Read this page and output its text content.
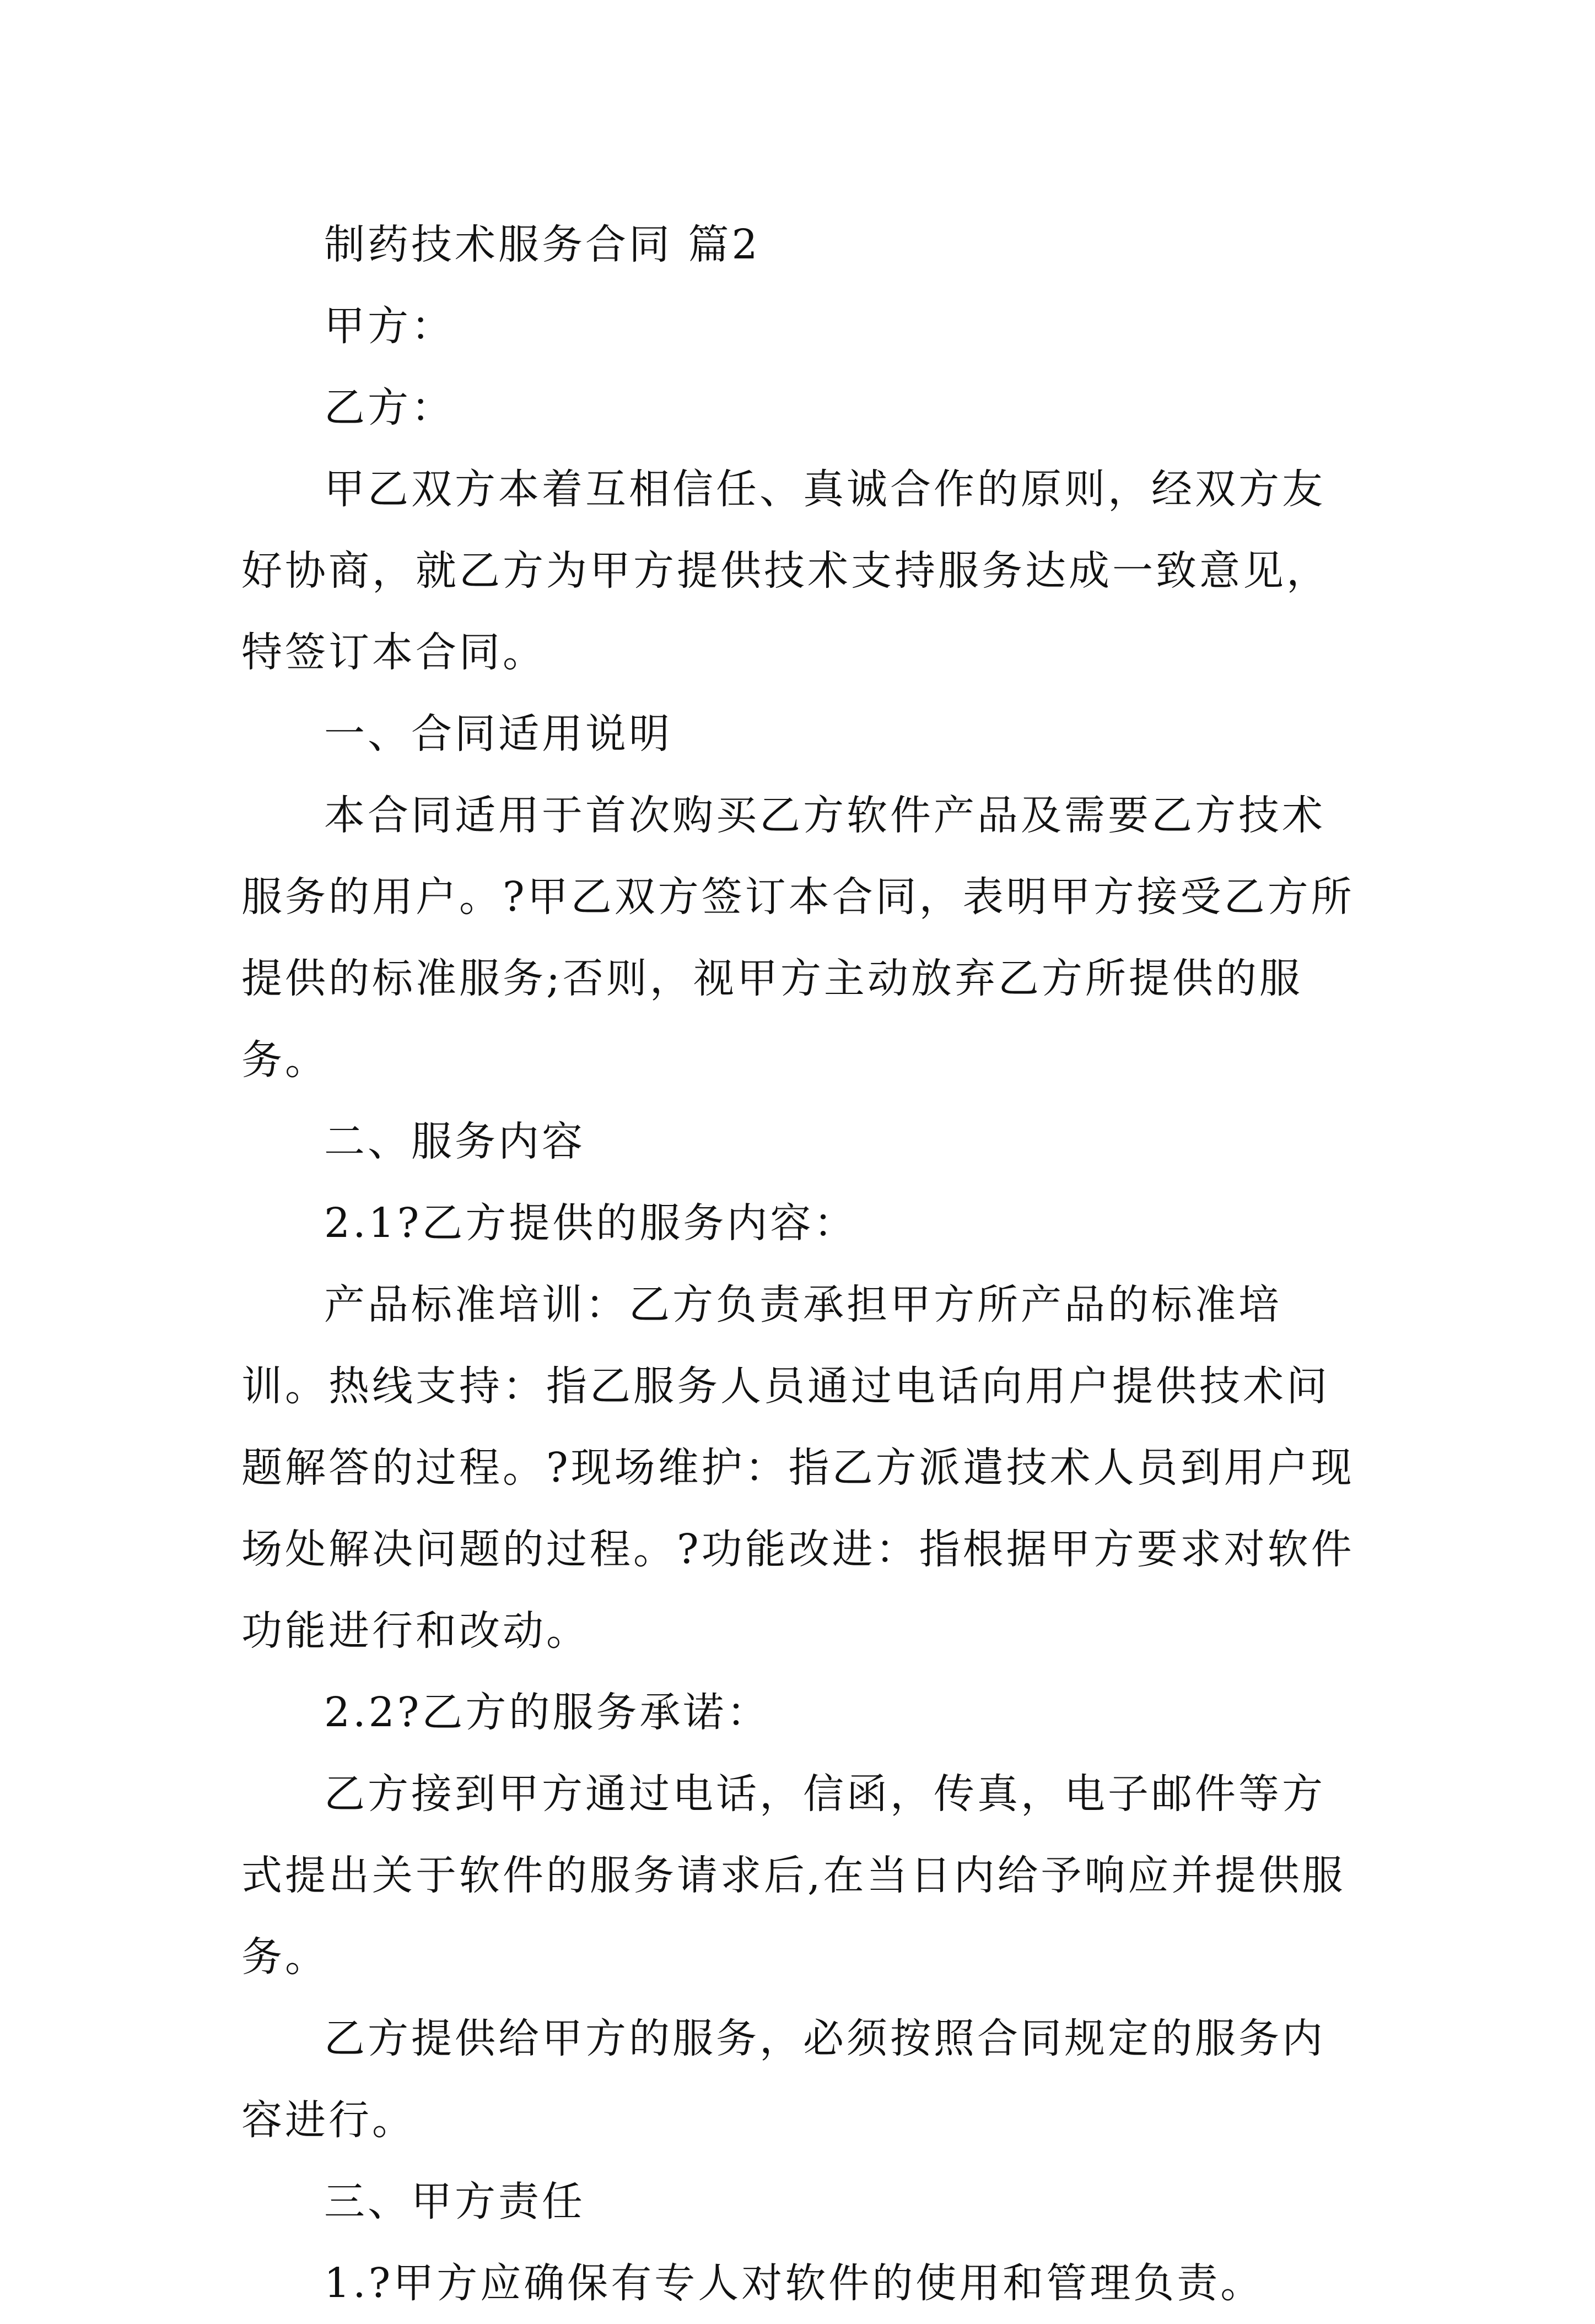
制药技术服务合同 篇2

甲方：

乙方：

甲乙双方本着互相信任、真诚合作的原则，经双方友好协商，就乙方为甲方提供技术支持服务达成一致意见，特签订本合同。

一、合同适用说明

本合同适用于首次购买乙方软件产品及需要乙方技术服务的用户。?甲乙双方签订本合同，表明甲方接受乙方所提供的标准服务;否则，视甲方主动放弃乙方所提供的服务。

二、服务内容

2.1?乙方提供的服务内容：

产品标准培训：乙方负责承担甲方所产品的标准培训。热线支持：指乙服务人员通过电话向用户提供技术问题解答的过程。?现场维护：指乙方派遣技术人员到用户现场处解决问题的过程。?功能改进：指根据甲方要求对软件功能进行和改动。

2.2?乙方的服务承诺：

乙方接到甲方通过电话，信函，传真，电子邮件等方式提出关于软件的服务请求后,在当日内给予响应并提供服务。

乙方提供给甲方的服务，必须按照合同规定的服务内容进行。

三、甲方责任

1.?甲方应确保有专人对软件的使用和管理负责。
